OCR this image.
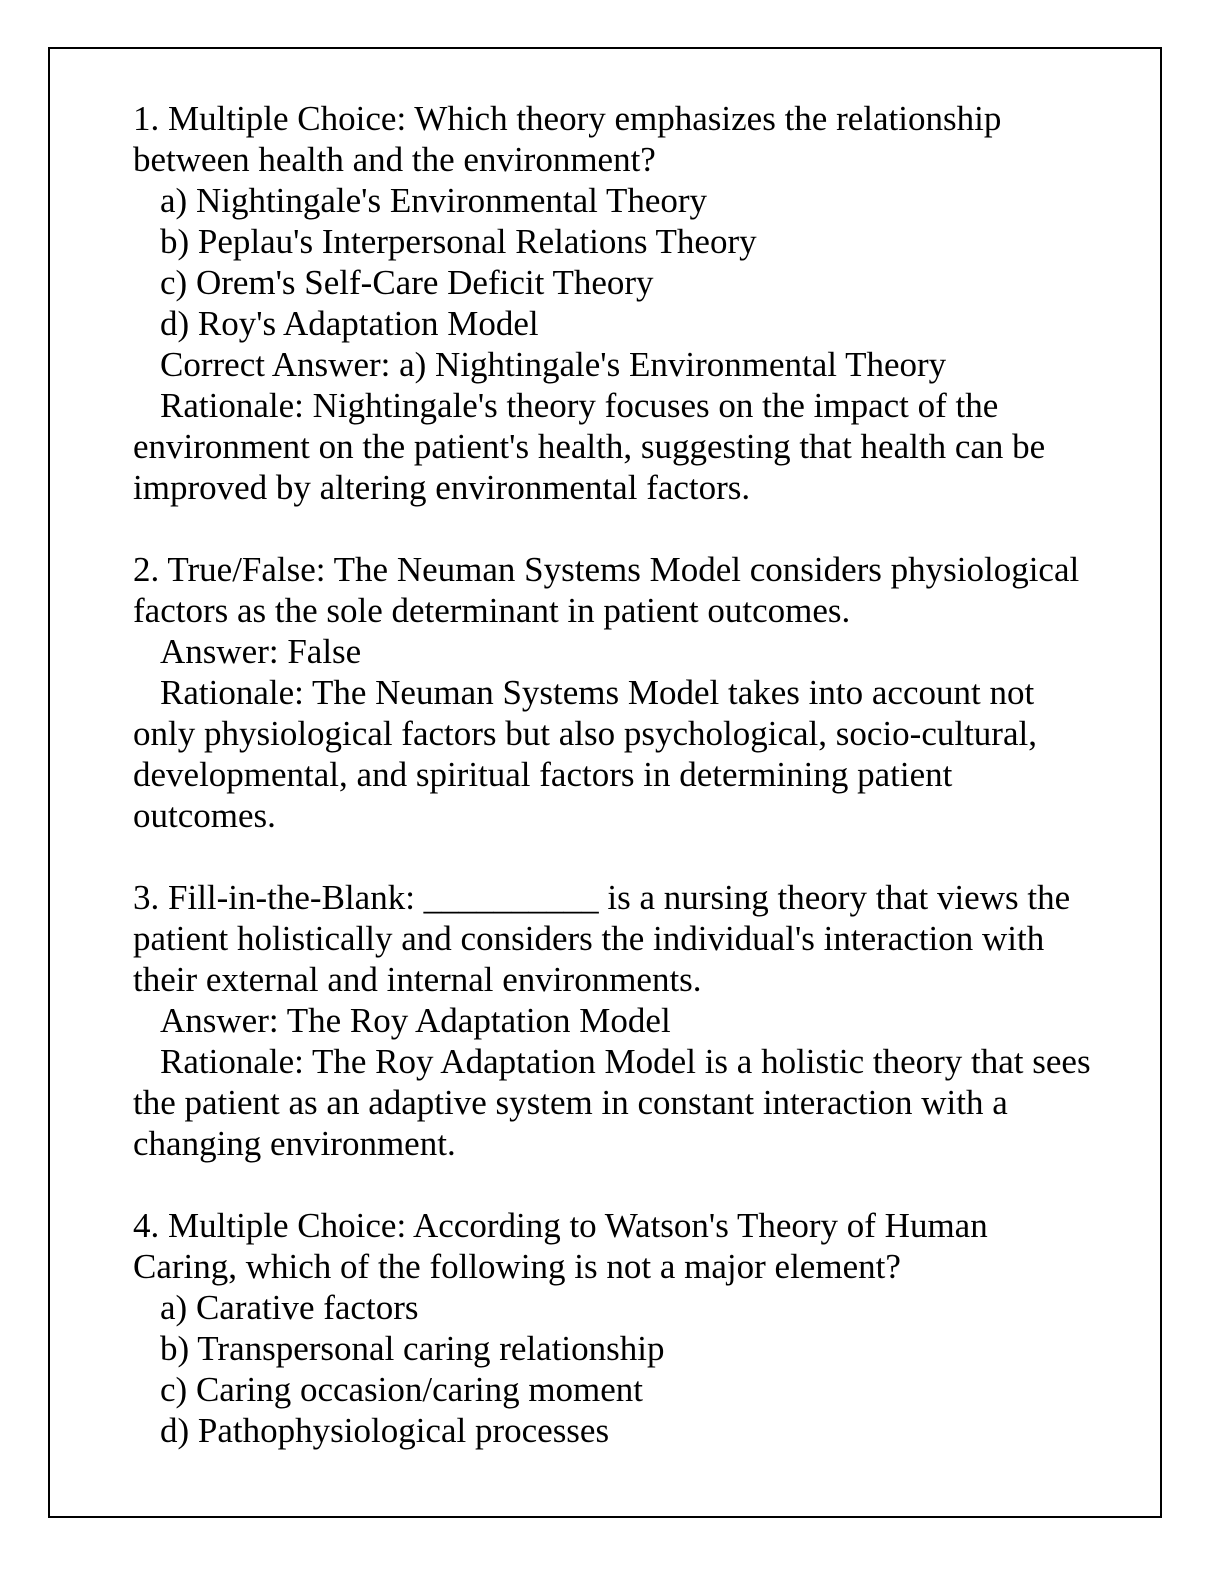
1. Multiple Choice: Which theory emphasizes the relationship between health and the environment?
a) Nightingale's Environmental Theory
b) Peplau's Interpersonal Relations Theory
c) Orem's Self-Care Deficit Theory
d) Roy's Adaptation Model
Correct Answer: a) Nightingale's Environmental Theory
Rationale: Nightingale's theory focuses on the impact of the environment on the patient's health, suggesting that health can be improved by altering environmental factors.
2. True/False: The Neuman Systems Model considers physiological factors as the sole determinant in patient outcomes.
Answer: False
Rationale: The Neuman Systems Model takes into account not only physiological factors but also psychological, socio-cultural, developmental, and spiritual factors in determining patient outcomes.
3. Fill-in-the-Blank: __________ is a nursing theory that views the patient holistically and considers the individual's interaction with their external and internal environments.
Answer: The Roy Adaptation Model
Rationale: The Roy Adaptation Model is a holistic theory that sees the patient as an adaptive system in constant interaction with a changing environment.
4. Multiple Choice: According to Watson's Theory of Human Caring, which of the following is not a major element?
a) Carative factors
b) Transpersonal caring relationship
c) Caring occasion/caring moment
d) Pathophysiological processes
